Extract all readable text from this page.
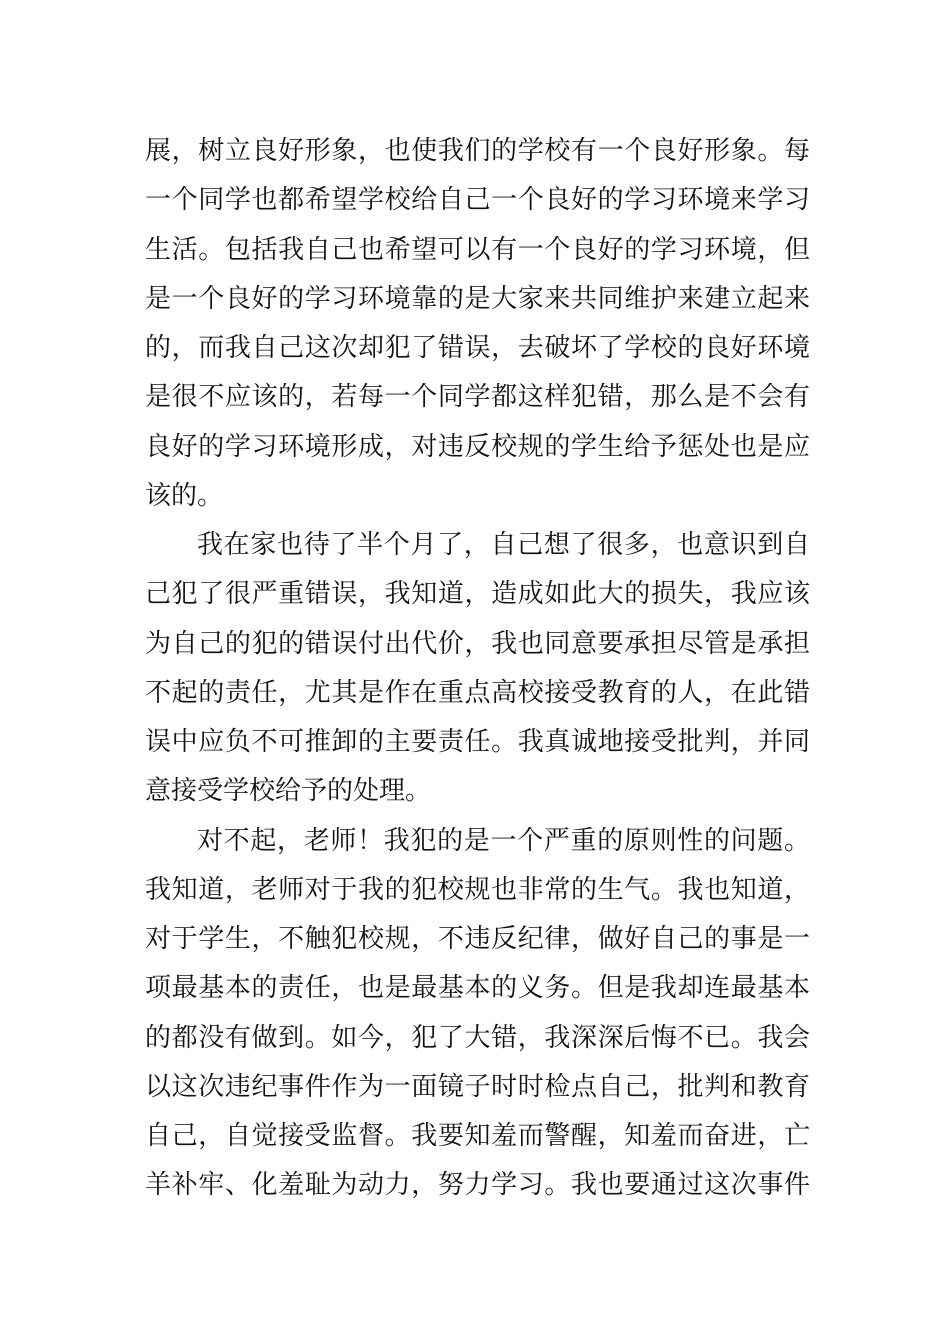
展，树立良好形象，也使我们的学校有一个良好形象。每
一个同学也都希望学校给自己一个良好的学习环境来学习
生活。包括我自己也希望可以有一个良好的学习环境，但
是一个良好的学习环境靠的是大家来共同维护来建立起来
的，而我自己这次却犯了错误，去破坏了学校的良好环境
是很不应该的，若每一个同学都这样犯错，那么是不会有
良好的学习环境形成，对违反校规的学生给予惩处也是应
该的。
我在家也待了半个月了，自己想了很多，也意识到自
己犯了很严重错误，我知道，造成如此大的损失，我应该
为自己的犯的错误付出代价，我也同意要承担尽管是承担
不起的责任，尤其是作在重点高校接受教育的人，在此错
误中应负不可推卸的主要责任。我真诚地接受批判，并同
意接受学校给予的处理。
对不起，老师！我犯的是一个严重的原则性的问题。
我知道，老师对于我的犯校规也非常的生气。我也知道，
对于学生，不触犯校规，不违反纪律，做好自己的事是一
项最基本的责任，也是最基本的义务。但是我却连最基本
的都没有做到。如今，犯了大错，我深深后悔不已。我会
以这次违纪事件作为一面镜子时时检点自己，批判和教育
自己，自觉接受监督。我要知羞而警醒，知羞而奋进，亡
羊补牢、化羞耻为动力，努力学习。我也要通过这次事件
